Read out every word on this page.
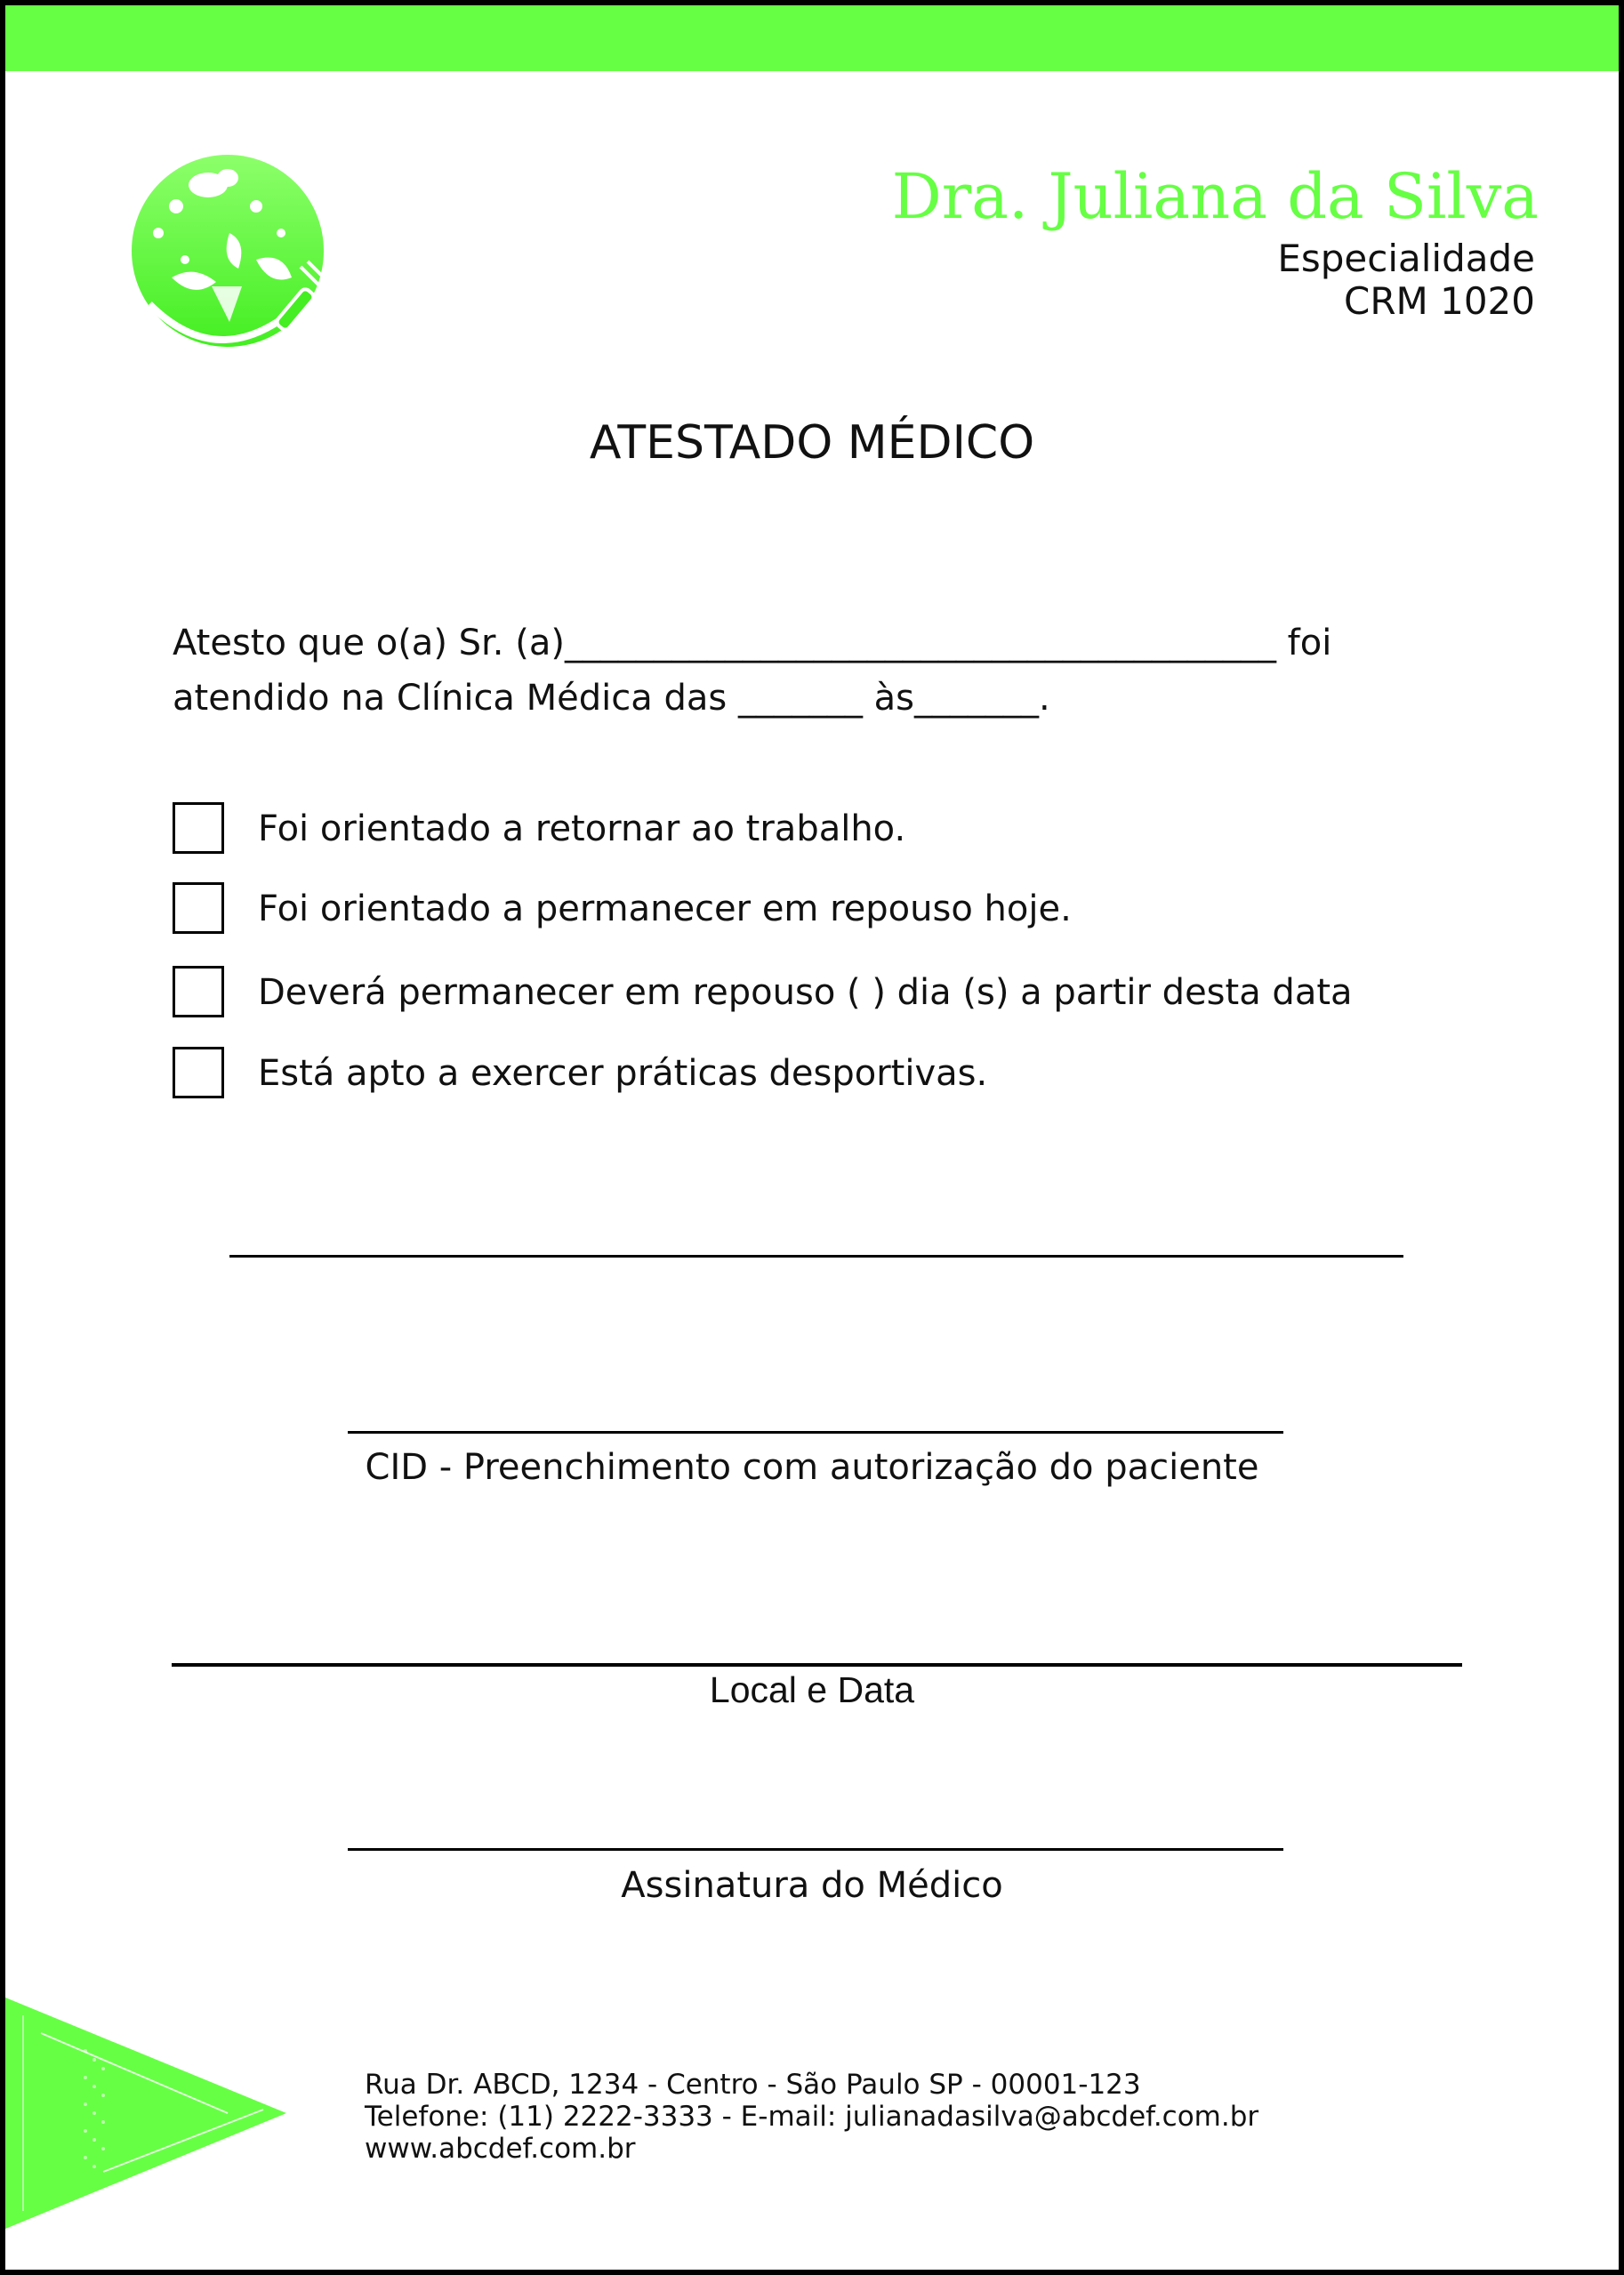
Dra. Juliana da Silva
Especialidade
CRM 1020
ATESTADO MÉDICO
Atesto que o(a) Sr. (a)________________________________________ foi
atendido na Clínica Médica das _______ às_______.
Foi orientado a retornar ao trabalho.
Foi orientado a permanecer em repouso hoje.
Deverá permanecer em repouso ( ) dia (s) a partir desta data
Está apto a exercer práticas desportivas.
CID - Preenchimento com autorização do paciente
Local e Data
Assinatura do Médico
Rua Dr. ABCD, 1234 - Centro - São Paulo SP - 00001-123
Telefone: (11) 2222-3333 - E-mail: julianadasilva@abcdef.com.br
www.abcdef.com.br
